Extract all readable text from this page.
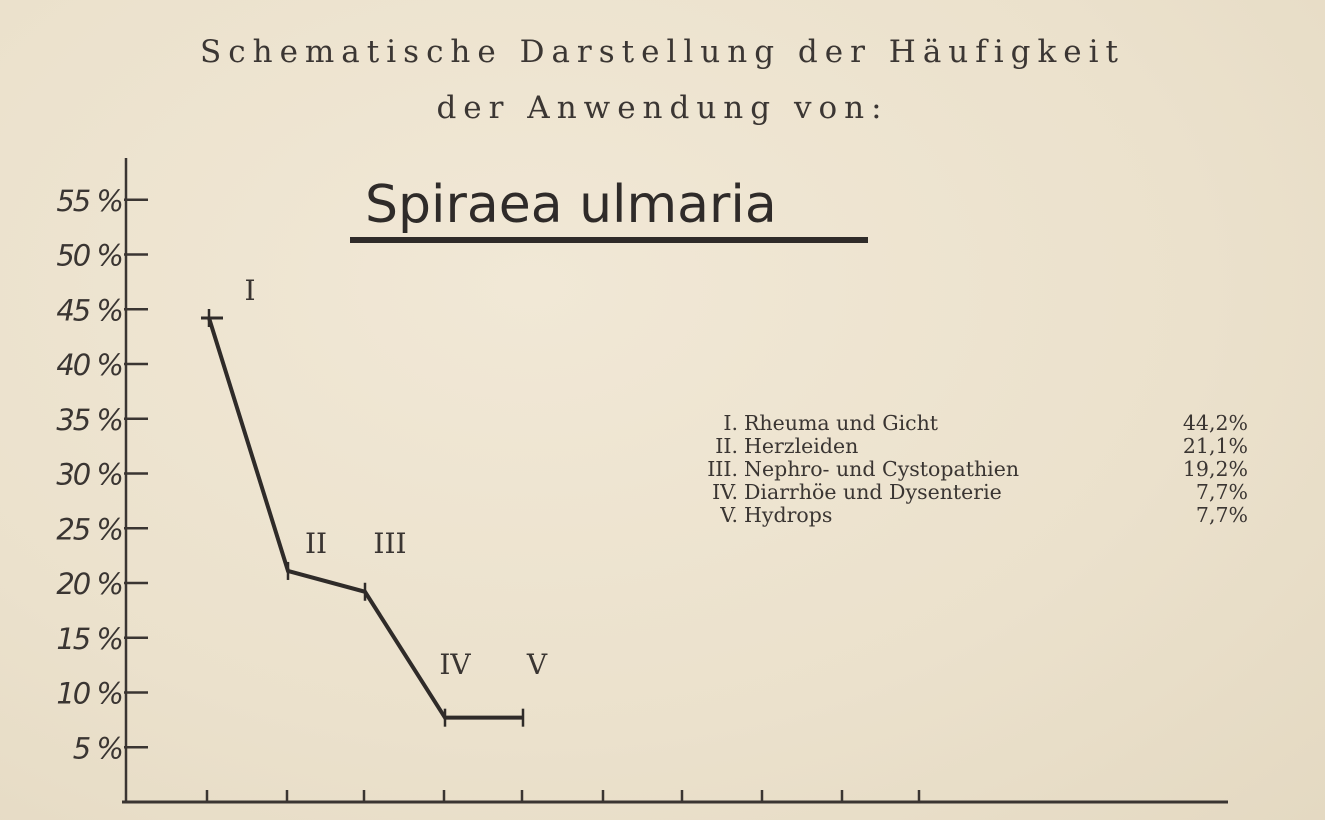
Schematische Darstellung der Häufigkeit
der Anwendung von:
Spiraea ulmaria
5 %
10 %
15 %
20 %
25 %
30 %
35 %
40 %
45 %
50 %
55 %
I
II III
IV V
I. Rheuma und Gicht	44,2%
II. Herzleiden	21,1%
III. Nephro- und Cystopathien	19,2%
IV. Diarrhöe und Dysenterie	7,7%
V. Hydrops	7,7%
